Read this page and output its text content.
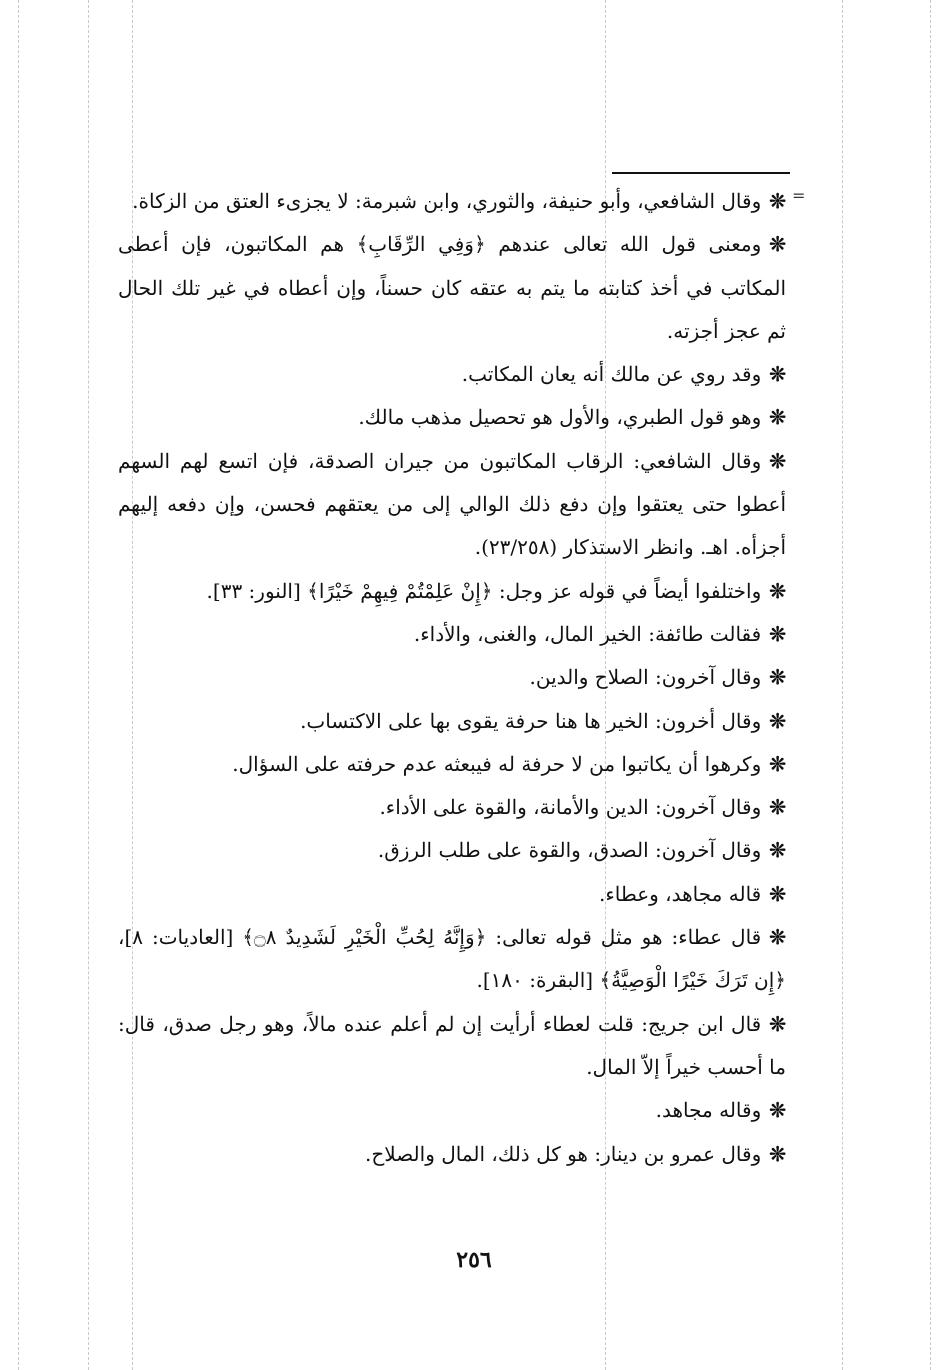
=

❊وقال الشافعي، وأبو حنيفة، والثوري، وابن شبرمة: لا يجزىء العتق من الزكاة.

❊ومعنى قول الله تعالى عندهم ﴿وَفِي الرِّقَابِ﴾ هم المكاتبون، فإن أعطى المكاتب في أخذ كتابته ما يتم به عتقه كان حسناً، وإن أعطاه في غير تلك الحال ثم عجز أجزته.

❊وقد روي عن مالك أنه يعان المكاتب.

❊وهو قول الطبري، والأول هو تحصيل مذهب مالك.

❊وقال الشافعي: الرقاب المكاتبون من جيران الصدقة، فإن اتسع لهم السهم أعطوا حتى يعتقوا وإن دفع ذلك الوالي إلى من يعتقهم فحسن، وإن دفعه إليهم أجزأه. اهـ. وانظر الاستذكار (٢٣/٢٥٨).

❊واختلفوا أيضاً في قوله عز وجل: ﴿إِنْ عَلِمْتُمْ فِيهِمْ خَيْرًا﴾ [النور: ٣٣].

❊فقالت طائفة: الخير المال، والغنى، والأداء.

❊وقال آخرون: الصلاح والدين.

❊وقال أخرون: الخير ها هنا حرفة يقوى بها على الاكتساب.

❊وكرهوا أن يكاتبوا من لا حرفة له فيبعثه عدم حرفته على السؤال.

❊وقال آخرون: الدين والأمانة، والقوة على الأداء.

❊وقال آخرون: الصدق، والقوة على طلب الرزق.

❊قاله مجاهد، وعطاء.

❊قال عطاء: هو مثل قوله تعالى: ﴿وَإِنَّهُ لِحُبِّ الْخَيْرِ لَشَدِيدٌ ۝٨﴾ [العاديات: ٨]، ﴿إِن تَرَكَ خَيْرًا الْوَصِيَّةُ﴾ [البقرة: ١٨٠].

❊قال ابن جريج: قلت لعطاء أرأيت إن لم أعلم عنده مالاً، وهو رجل صدق، قال: ما أحسب خيراً إلاّ المال.

❊وقاله مجاهد.

❊وقال عمرو بن دينار: هو كل ذلك، المال والصلاح.

٢٥٦
